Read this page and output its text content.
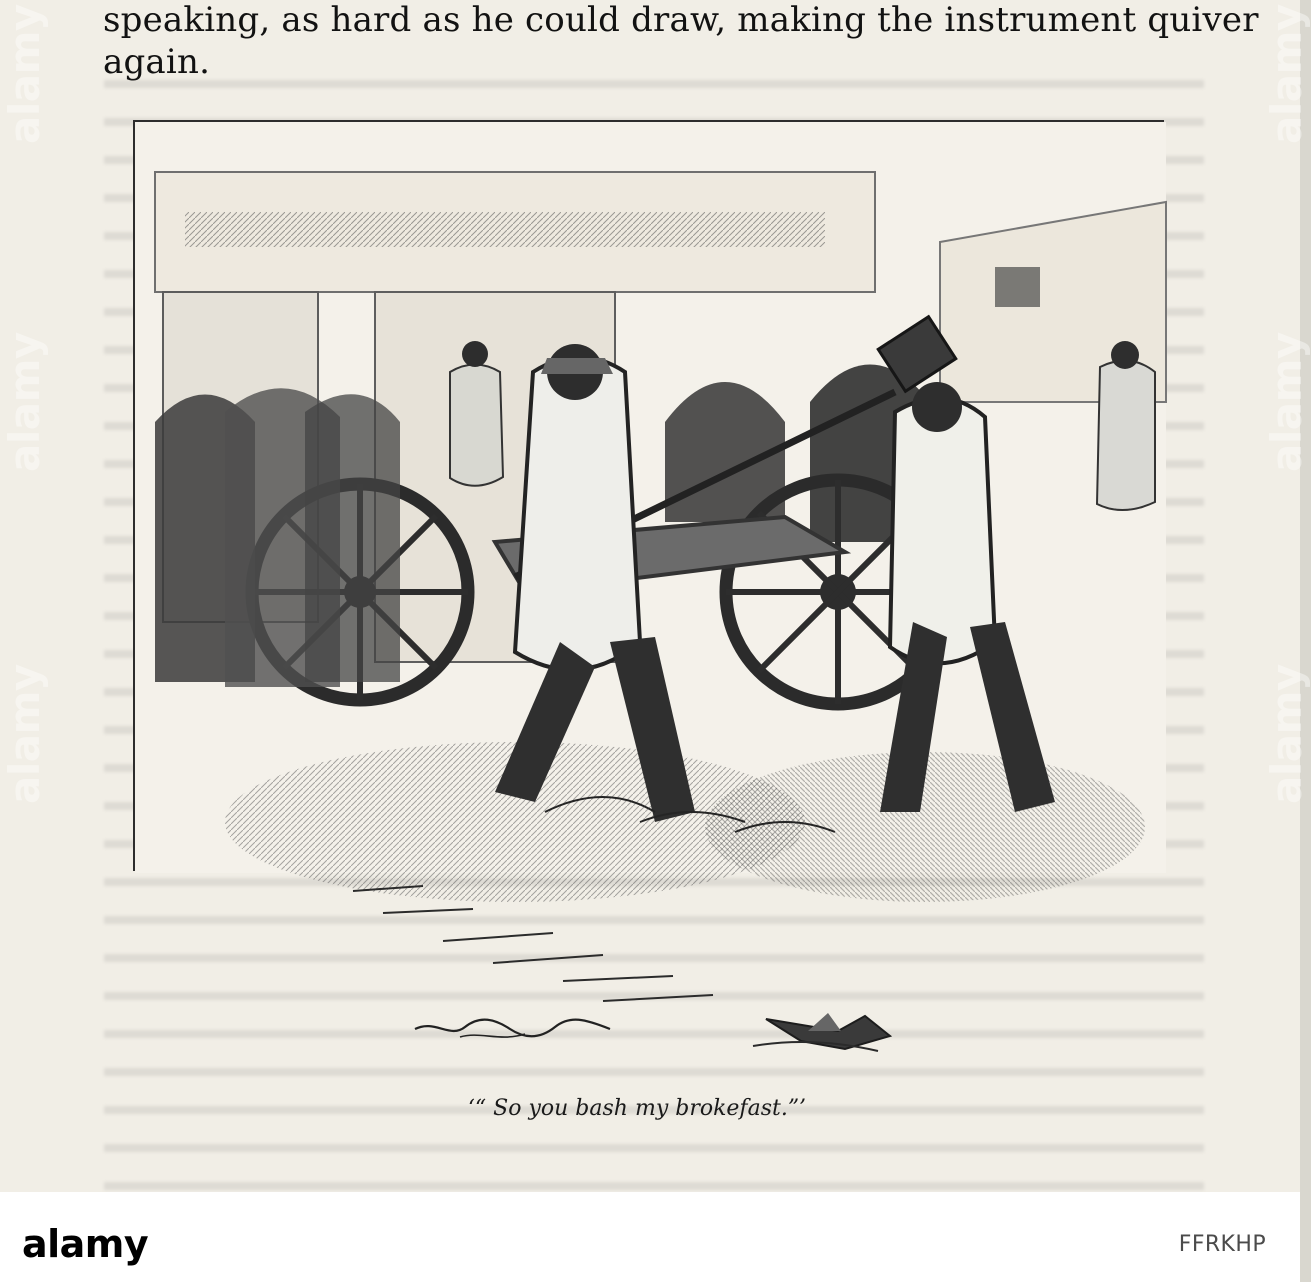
speaking, as hard as he could draw, making the instrument quiver
again.
‘“ So you bash my brokefast.”’
alamy
alamy
alamy
alamy
alamy
alamy
alamy	FFRKHP
